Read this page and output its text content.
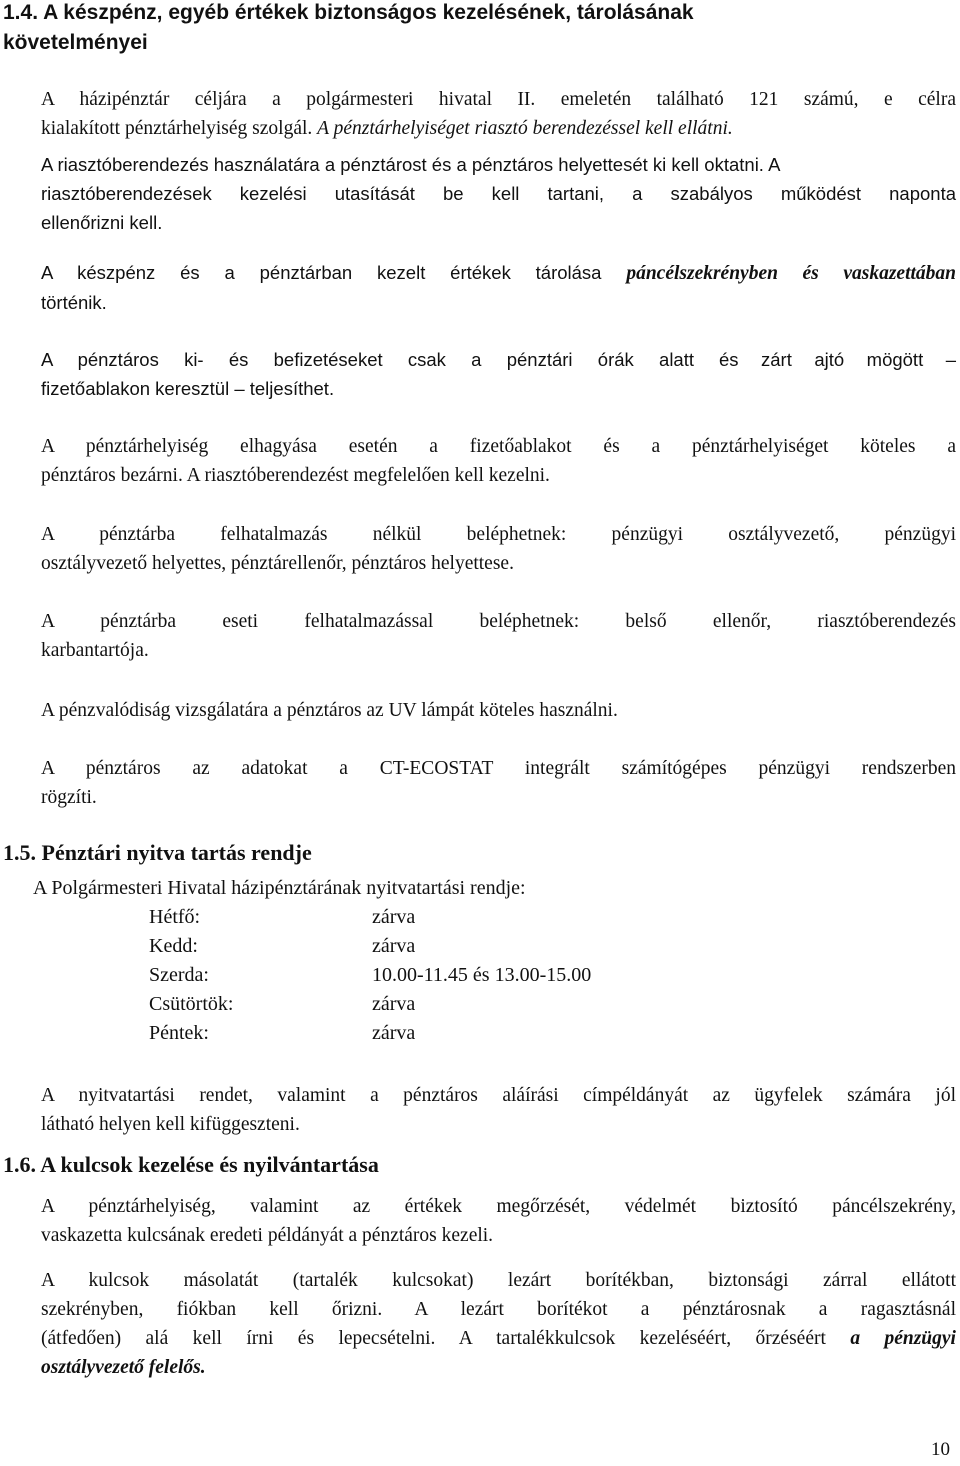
1.4. A készpénz, egyéb értékek biztonságos kezelésének, tárolásának
követelményei
A házipénztár céljára a polgármesteri hivatal II. emeletén található 121 számú, e célra
kialakított pénztárhelyiség szolgál. A pénztárhelyiséget riasztó berendezéssel kell ellátni.
A riasztóberendezés használatára a pénztárost és a pénztáros helyettesét ki kell oktatni. A
riasztóberendezések kezelési utasítását be kell tartani, a szabályos működést naponta
ellenőrizni kell.
A készpénz és a pénztárban kezelt értékek tárolása páncélszekrényben és vaskazettában
történik.
A pénztáros ki- és befizetéseket csak a pénztári órák alatt és zárt ajtó mögött –
fizetőablakon keresztül – teljesíthet.
A pénztárhelyiség elhagyása esetén a fizetőablakot és a pénztárhelyiséget köteles a
pénztáros bezárni. A riasztóberendezést megfelelően kell kezelni.
A pénztárba felhatalmazás nélkül beléphetnek: pénzügyi osztályvezető, pénzügyi
osztályvezető helyettes, pénztárellenőr, pénztáros helyettese.
A pénztárba eseti felhatalmazással beléphetnek: belső ellenőr, riasztóberendezés
karbantartója.
A pénzvalódiság vizsgálatára a pénztáros az UV lámpát köteles használni.
A pénztáros az adatokat a CT-ECOSTAT integrált számítógépes pénzügyi rendszerben
rögzíti.
1.5. Pénztári nyitva tartás rendje
A Polgármesteri Hivatal házipénztárának nyitvatartási rendje:
Hétfő:	zárva
Kedd:	zárva
Szerda:	10.00-11.45 és 13.00-15.00
Csütörtök:	zárva
Péntek:	zárva
A nyitvatartási rendet, valamint a pénztáros aláírási címpéldányát az ügyfelek számára jól
látható helyen kell kifüggeszteni.
1.6. A kulcsok kezelése és nyilvántartása
A pénztárhelyiség, valamint az értékek megőrzését, védelmét biztosító páncélszekrény,
vaskazetta kulcsának eredeti példányát a pénztáros kezeli.
A kulcsok másolatát (tartalék kulcsokat) lezárt borítékban, biztonsági zárral ellátott
szekrényben, fiókban kell őrizni. A lezárt borítékot a pénztárosnak a ragasztásnál
(átfedően) alá kell írni és lepecsételni. A tartalékkulcsok kezeléséért, őrzéséért a pénzügyi
osztályvezető felelős.
10
